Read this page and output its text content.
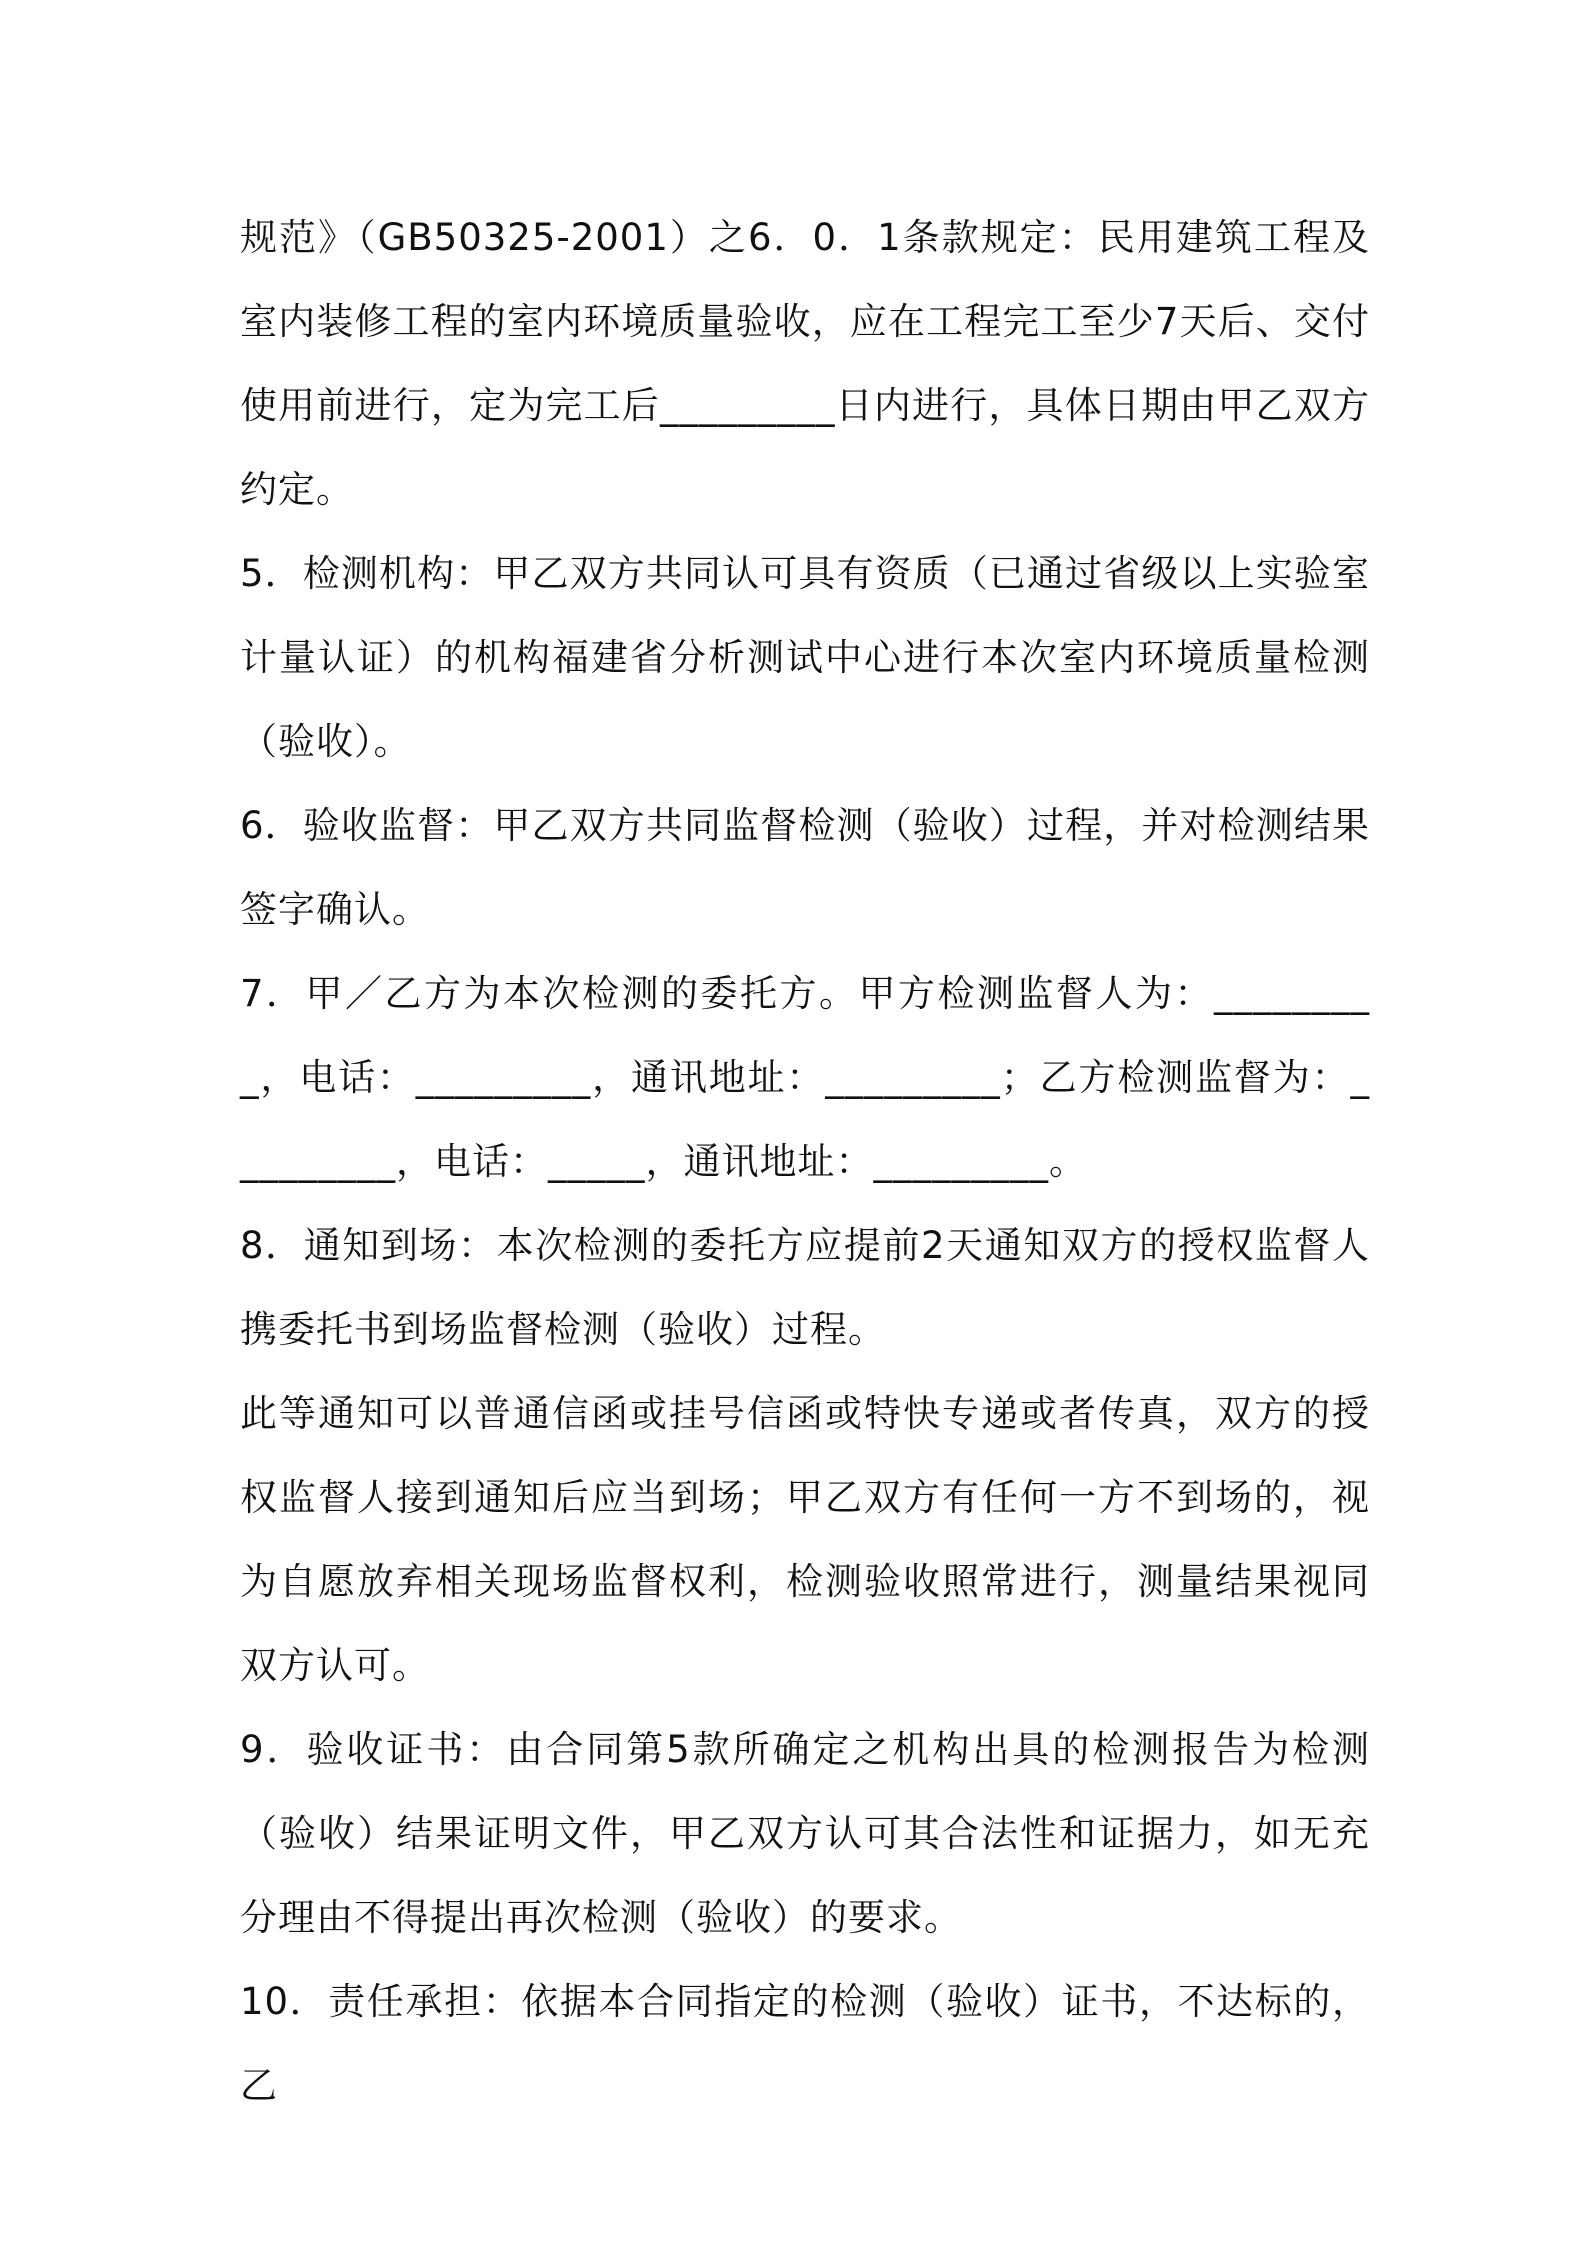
规范》（GB50325-2001）之6．0．1条款规定：民用建筑工程及室内装修工程的室内环境质量验收，应在工程完工至少7天后、交付使用前进行，定为完工后_________日内进行，具体日期由甲乙双方约定。

5．检测机构：甲乙双方共同认可具有资质（已通过省级以上实验室计量认证）的机构福建省分析测试中心进行本次室内环境质量检测（验收）。

6．验收监督：甲乙双方共同监督检测（验收）过程，并对检测结果签字确认。

7．甲／乙方为本次检测的委托方。甲方检测监督人为：_________，电话：_________，通讯地址：_________；乙方检测监督为：_________，电话：_____，通讯地址：_________。

8．通知到场：本次检测的委托方应提前2天通知双方的授权监督人携委托书到场监督检测（验收）过程。

此等通知可以普通信函或挂号信函或特快专递或者传真，双方的授权监督人接到通知后应当到场；甲乙双方有任何一方不到场的，视为自愿放弃相关现场监督权利，检测验收照常进行，测量结果视同双方认可。

9．验收证书：由合同第5款所确定之机构出具的检测报告为检测（验收）结果证明文件，甲乙双方认可其合法性和证据力，如无充分理由不得提出再次检测（验收）的要求。

10．责任承担：依据本合同指定的检测（验收）证书，不达标的，乙
